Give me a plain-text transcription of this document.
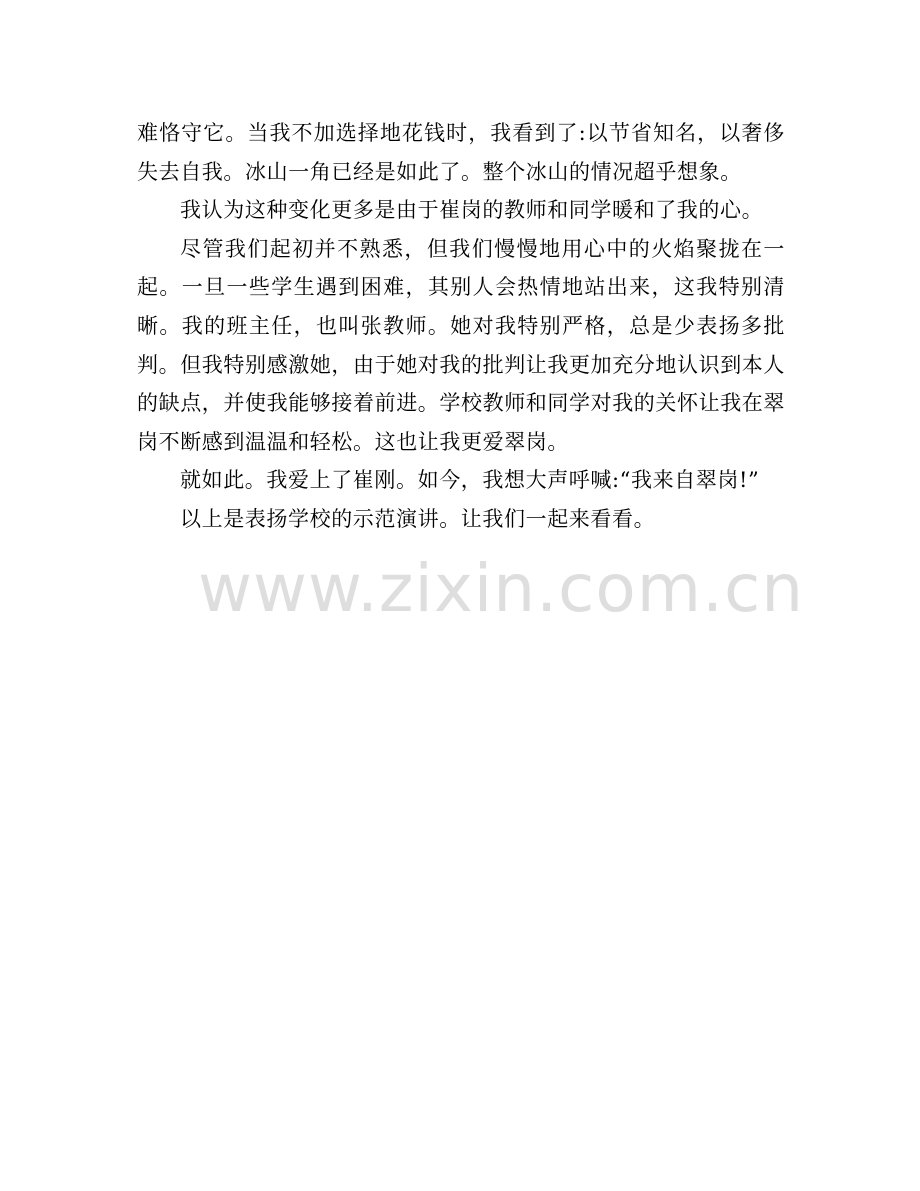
难恪守它。当我不加选择地花钱时，我看到了:以节省知名，以奢侈失去自我。冰山一角已经是如此了。整个冰山的情况超乎想象。

我认为这种变化更多是由于崔岗的教师和同学暖和了我的心。

尽管我们起初并不熟悉，但我们慢慢地用心中的火焰聚拢在一起。一旦一些学生遇到困难，其别人会热情地站出来，这我特别清晰。我的班主任，也叫张教师。她对我特别严格，总是少表扬多批判。但我特别感激她，由于她对我的批判让我更加充分地认识到本人的缺点，并使我能够接着前进。学校教师和同学对我的关怀让我在翠岗不断感到温温和轻松。这也让我更爱翠岗。

就如此。我爱上了崔刚。如今，我想大声呼喊:“我来自翠岗!”

以上是表扬学校的示范演讲。让我们一起来看看。

www.zixin.com.cn
